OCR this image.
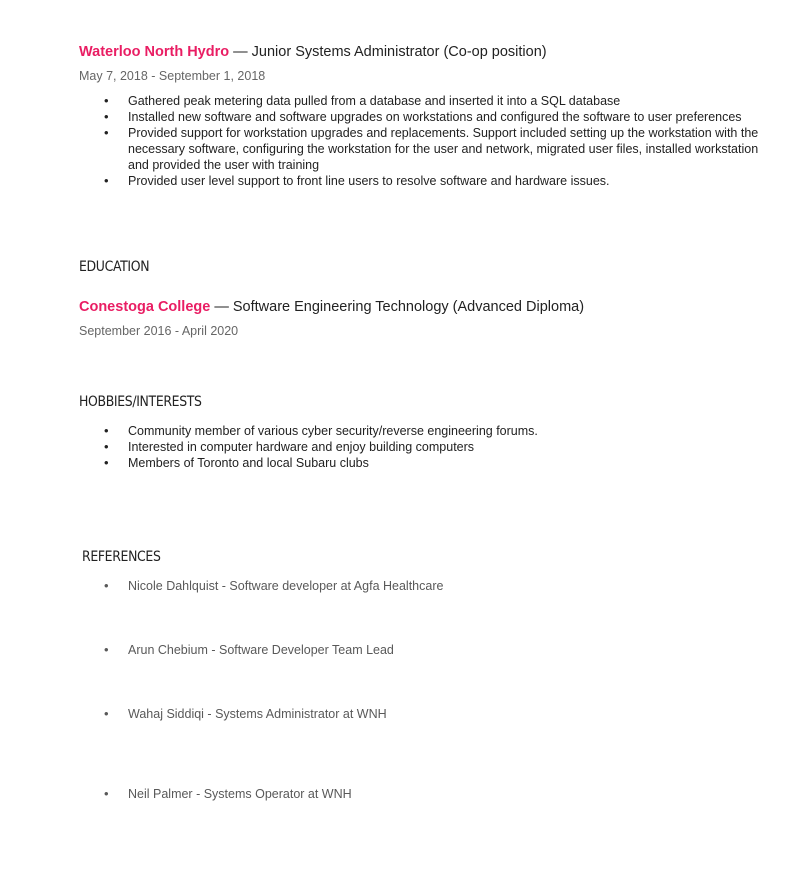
Waterloo North Hydro — Junior Systems Administrator (Co-op position)
May 7, 2018 - September 1, 2018
• Gathered peak metering data pulled from a database and inserted it into a SQL database
• Installed new software and software upgrades on workstations and configured the software to user preferences
• Provided support for workstation upgrades and replacements. Support included setting up the workstation with the necessary software, configuring the workstation for the user and network, migrated user files, installed workstation and provided the user with training
• Provided user level support to front line users to resolve software and hardware issues.
EDUCATION
Conestoga College — Software Engineering Technology (Advanced Diploma)
September 2016 - April 2020
HOBBIES/INTERESTS
• Community member of various cyber security/reverse engineering forums.
• Interested in computer hardware and enjoy building computers
• Members of Toronto and local Subaru clubs
REFERENCES
• Nicole Dahlquist - Software developer at Agfa Healthcare
• Arun Chebium - Software Developer Team Lead
• Wahaj Siddiqi - Systems Administrator at WNH
• Neil Palmer - Systems Operator at WNH
